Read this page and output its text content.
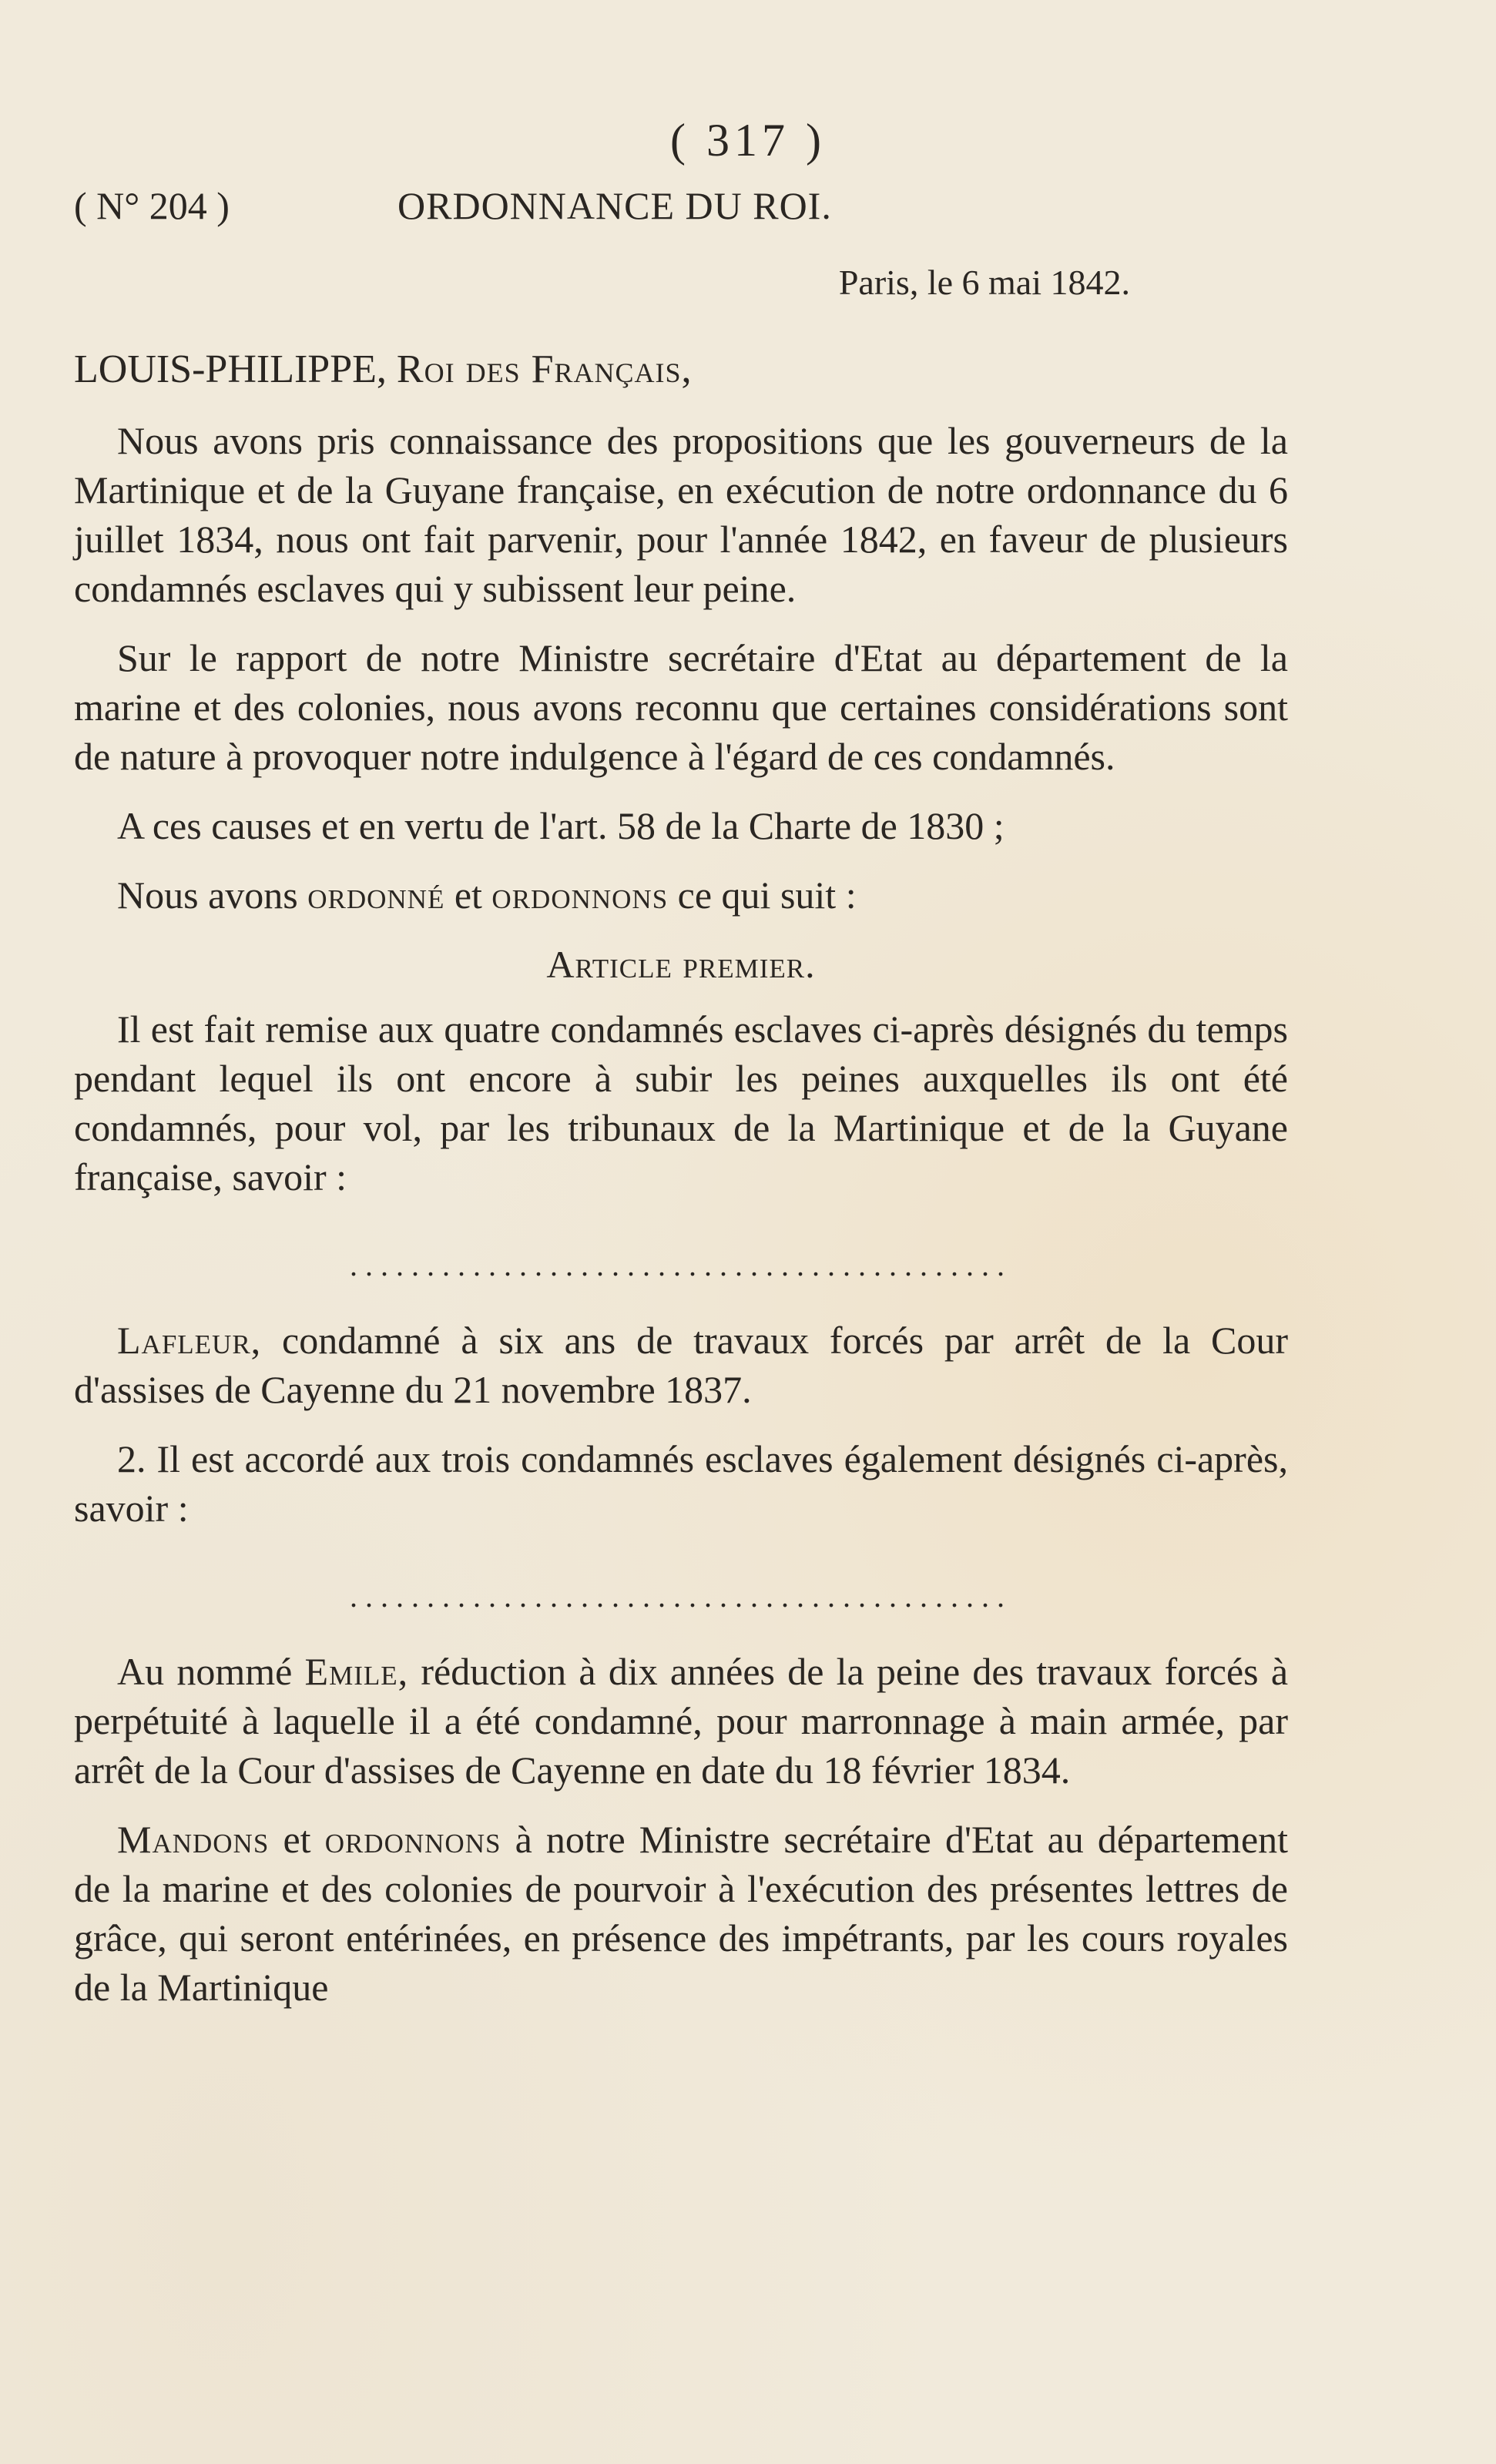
( 317 )
( N° 204 )	ORDONNANCE DU ROI.
Paris, le 6 mai 1842.

LOUIS-PHILIPPE, Roi des Français,

Nous avons pris connaissance des propositions que les gouverneurs de la Martinique et de la Guyane française, en exécution de notre ordonnance du 6 juillet 1834, nous ont fait parvenir, pour l'année 1842, en faveur de plusieurs condamnés esclaves qui y subissent leur peine.

Sur le rapport de notre Ministre secrétaire d'Etat au département de la marine et des colonies, nous avons reconnu que certaines considérations sont de nature à provoquer notre indulgence à l'égard de ces condamnés.

A ces causes et en vertu de l'art. 58 de la Charte de 1830 ;

Nous avons ordonné et ordonnons ce qui suit :

Article premier.

Il est fait remise aux quatre condamnés esclaves ci-après désignés du temps pendant lequel ils ont encore à subir les peines auxquelles ils ont été condamnés, pour vol, par les tribunaux de la Martinique et de la Guyane française, savoir :

...........................................

Lafleur, condamné à six ans de travaux forcés par arrêt de la Cour d'assises de Cayenne du 21 novembre 1837.

2. Il est accordé aux trois condamnés esclaves également désignés ci-après, savoir :

...........................................

Au nommé Emile, réduction à dix années de la peine des travaux forcés à perpétuité à laquelle il a été condamné, pour marronnage à main armée, par arrêt de la Cour d'assises de Cayenne en date du 18 février 1834.

Mandons et ordonnons à notre Ministre secrétaire d'Etat au département de la marine et des colonies de pourvoir à l'exécution des présentes lettres de grâce, qui seront entérinées, en présence des impétrants, par les cours royales de la Martinique
